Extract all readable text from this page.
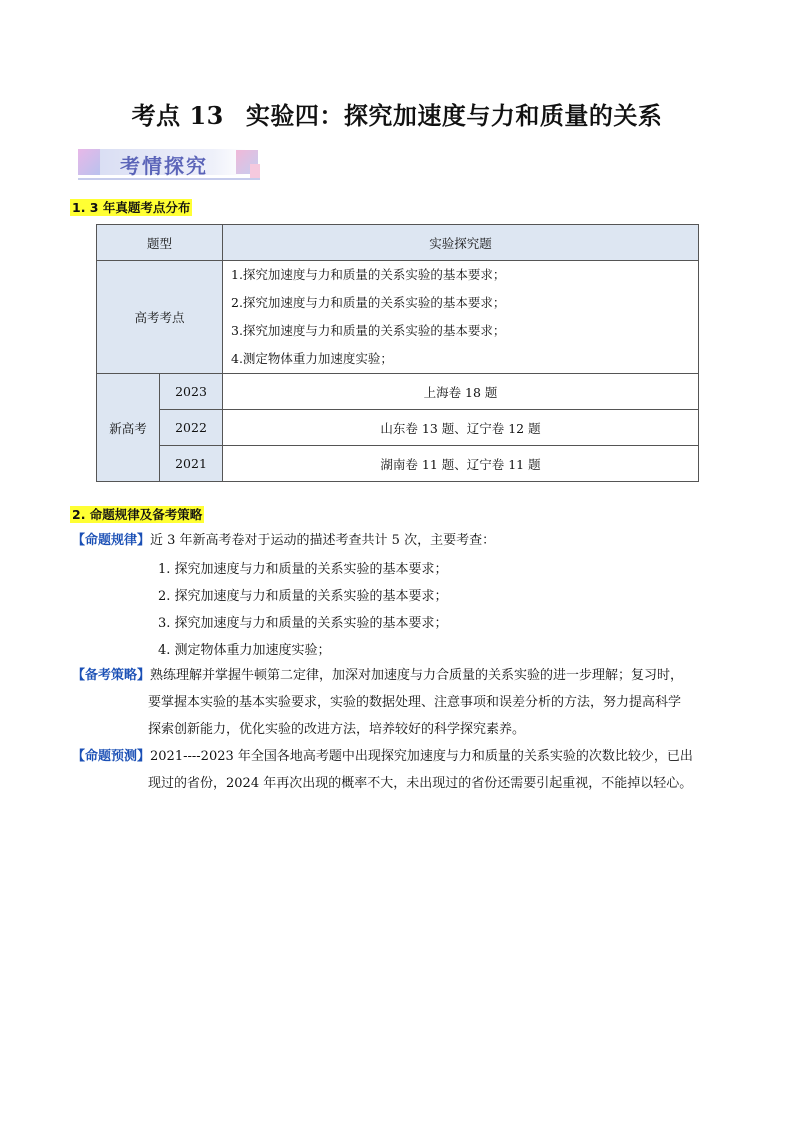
考点 13 实验四：探究加速度与力和质量的关系
考情探究
1. 3 年真题考点分布
题型		实验探究题
高考考点		1.探究加速度与力和质量的关系实验的基本要求；
2.探究加速度与力和质量的关系实验的基本要求；
3.探究加速度与力和质量的关系实验的基本要求；
4.测定物体重力加速度实验；

新高考	2023	上海卷 18 题
	2022	山东卷 13 题、辽宁卷 12 题
	2021	湖南卷 11 题、辽宁卷 11 题
2. 命题规律及备考策略
【命题规律】近 3 年新高考卷对于运动的描述考查共计 5 次，主要考查：
1. 探究加速度与力和质量的关系实验的基本要求；
2. 探究加速度与力和质量的关系实验的基本要求；
3. 探究加速度与力和质量的关系实验的基本要求；
4. 测定物体重力加速度实验；
【备考策略】熟练理解并掌握牛顿第二定律，加深对加速度与力合质量的关系实验的进一步理解；复习时，
要掌握本实验的基本实验要求，实验的数据处理、注意事项和误差分析的方法，努力提高科学
探索创新能力，优化实验的改进方法，培养较好的科学探究素养。
【命题预测】2021----2023 年全国各地高考题中出现探究加速度与力和质量的关系实验的次数比较少，已出
现过的省份，2024 年再次出现的概率不大，未出现过的省份还需要引起重视，不能掉以轻心。
